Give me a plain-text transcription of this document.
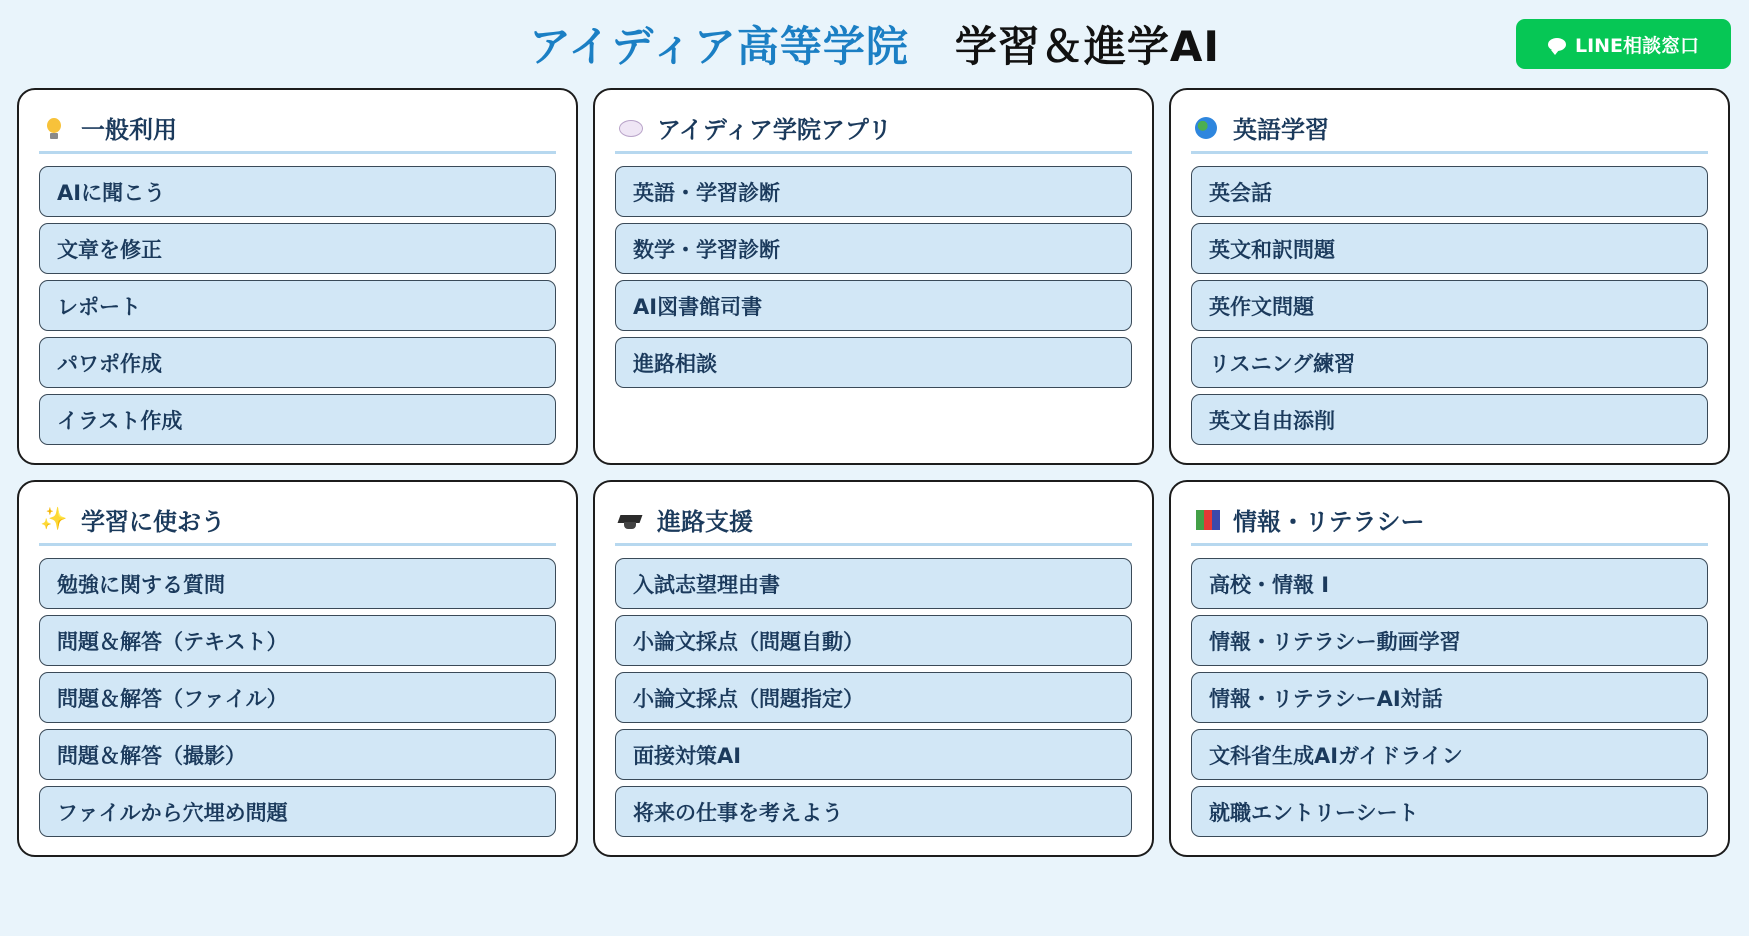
アイディア高等学院 学習＆進学AI	LINE相談窓口
一般利用
AIに聞こう
文章を修正
レポート
パワポ作成
イラスト作成
アイディア学院アプリ
英語・学習診断
数学・学習診断
AI図書館司書
進路相談
英語学習
英会話
英文和訳問題
英作文問題
リスニング練習
英文自由添削
✨ 学習に使おう
勉強に関する質問
問題＆解答（テキスト）
問題＆解答（ファイル）
問題＆解答（撮影）
ファイルから穴埋め問題
進路支援
入試志望理由書
小論文採点（問題自動）
小論文採点（問題指定）
面接対策AI
将来の仕事を考えよう
情報・リテラシー
高校・情報 I
情報・リテラシー動画学習
情報・リテラシーAI対話
文科省生成AIガイドライン
就職エントリーシート
